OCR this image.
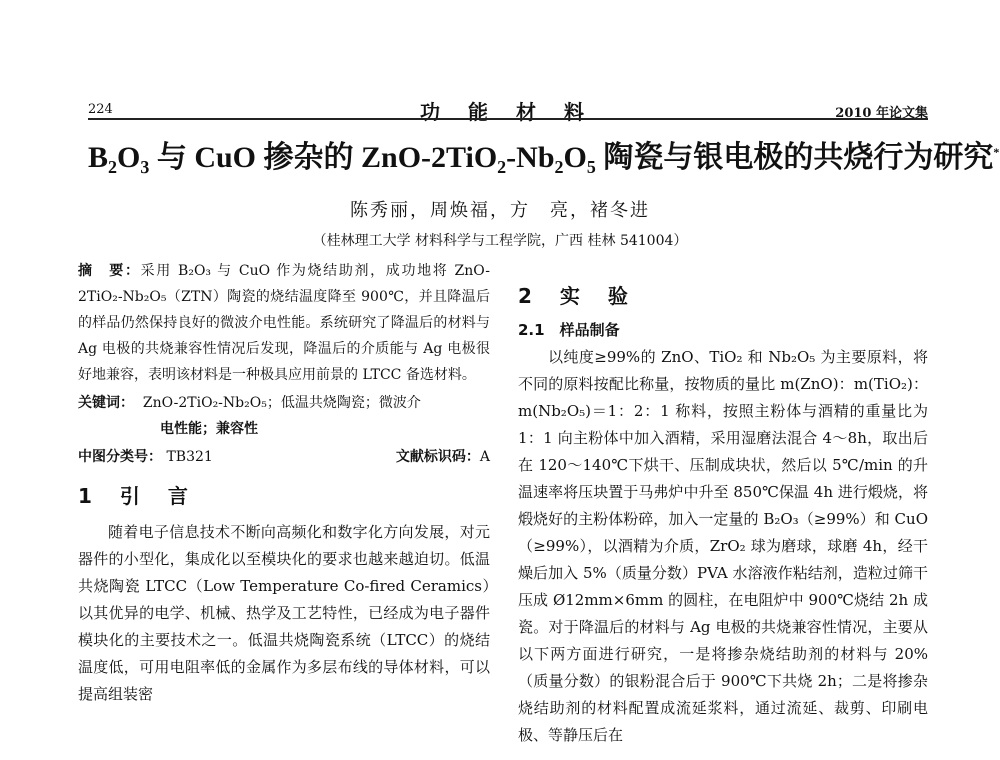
224	功能材料	2010 年论文集
B₂O₃ 与 CuO 掺杂的 ZnO-2TiO₂-Nb₂O₅ 陶瓷与银电极的共烧行为研究*
陈秀丽，周焕福，方　亮，褚冬进
（桂林理工大学 材料科学与工程学院，广西 桂林 541004）
摘　要：采用 B₂O₃ 与 CuO 作为烧结助剂，成功地将 ZnO-2TiO₂-Nb₂O₅（ZTN）陶瓷的烧结温度降至 900℃，并且降温后的样品仍然保持良好的微波介电性能。系统研究了降温后的材料与 Ag 电极的共烧兼容性情况后发现，降温后的介质能与 Ag 电极很好地兼容，表明该材料是一种极具应用前景的 LTCC 备选材料。
关键词： ZnO-2TiO₂-Nb₂O₅；低温共烧陶瓷；微波介
电性能；兼容性
中图分类号： TB321	文献标识码：A
1　引　言

随着电子信息技术不断向高频化和数字化方向发展，对元器件的小型化，集成化以至模块化的要求也越来越迫切。低温共烧陶瓷 LTCC（Low Temperature Co-fired Ceramics）以其优异的电学、机械、热学及工艺特性，已经成为电子器件模块化的主要技术之一。低温共烧陶瓷系统（LTCC）的烧结温度低，可用电阻率低的金属作为多层布线的导体材料，可以提高组装密

2　实　验
2.1　样品制备

以纯度≥99%的 ZnO、TiO₂ 和 Nb₂O₅ 为主要原料，将不同的原料按配比称量，按物质的量比 m(ZnO)：m(TiO₂)：m(Nb₂O₅)＝1：2：1 称料，按照主粉体与酒精的重量比为 1：1 向主粉体中加入酒精，采用湿磨法混合 4～8h，取出后在 120～140℃下烘干、压制成块状，然后以 5℃/min 的升温速率将压块置于马弗炉中升至 850℃保温 4h 进行煅烧，将煅烧好的主粉体粉碎，加入一定量的 B₂O₃（≥99%）和 CuO（≥99%），以酒精为介质，ZrO₂ 球为磨球，球磨 4h，经干燥后加入 5%（质量分数）PVA 水溶液作粘结剂，造粒过筛干压成 Ø12mm×6mm 的圆柱，在电阻炉中 900℃烧结 2h 成瓷。对于降温后的材料与 Ag 电极的共烧兼容性情况，主要从以下两方面进行研究，一是将掺杂烧结助剂的材料与 20%（质量分数）的银粉混合后于 900℃下共烧 2h；二是将掺杂烧结助剂的材料配置成流延浆料，通过流延、裁剪、印刷电极、等静压后在
